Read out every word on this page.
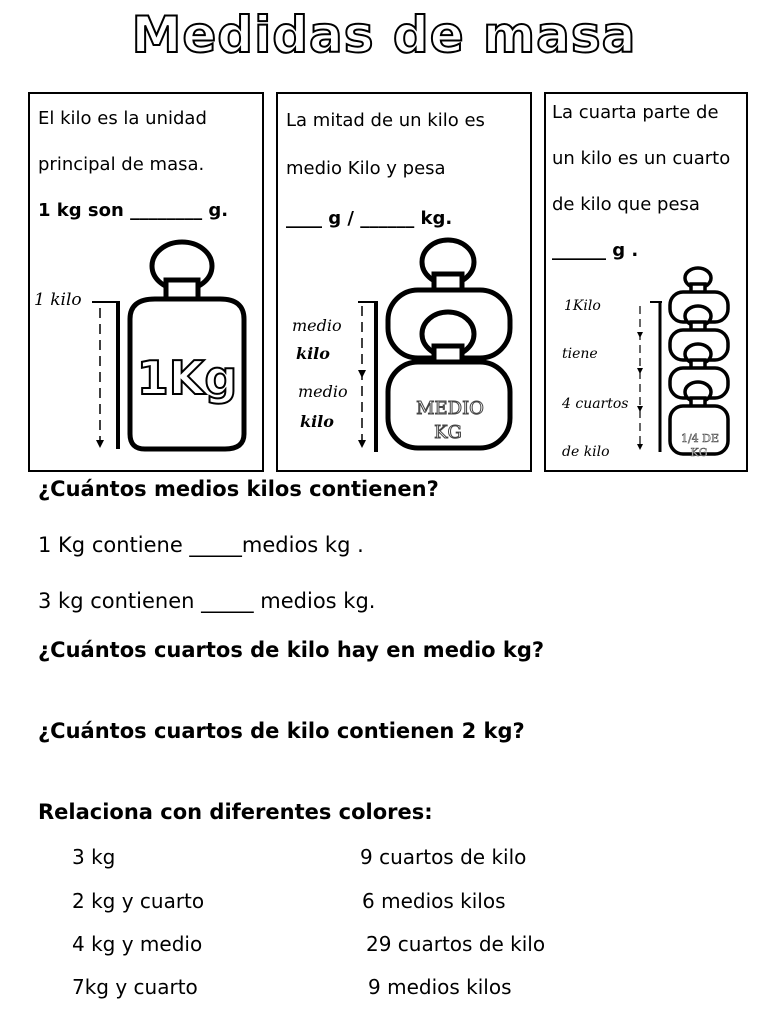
Medidas de masa
El kilo es la unidad
principal de masa.
1 kg son ________ g.
1 kilo
1Kg
La mitad de un kilo es
medio Kilo y pesa
____ g / ______ kg.
medio
kilo
medio
kilo
MEDIO
KG
La cuarta parte de
un kilo es un cuarto
de kilo que pesa
______ g .
1Kilo
tiene
4 cuartos
de kilo
1/4 DE
KG
¿Cuántos medios kilos contienen?
1 Kg contiene _____medios kg .
3 kg contienen _____ medios kg.
¿Cuántos cuartos de kilo hay en medio kg?
¿Cuántos cuartos de kilo contienen 2 kg?
Relaciona con diferentes colores:
3 kg
2 kg y cuarto
4 kg y medio
7kg y cuarto
9 cuartos de kilo
6 medios kilos
29 cuartos de kilo
9 medios kilos
